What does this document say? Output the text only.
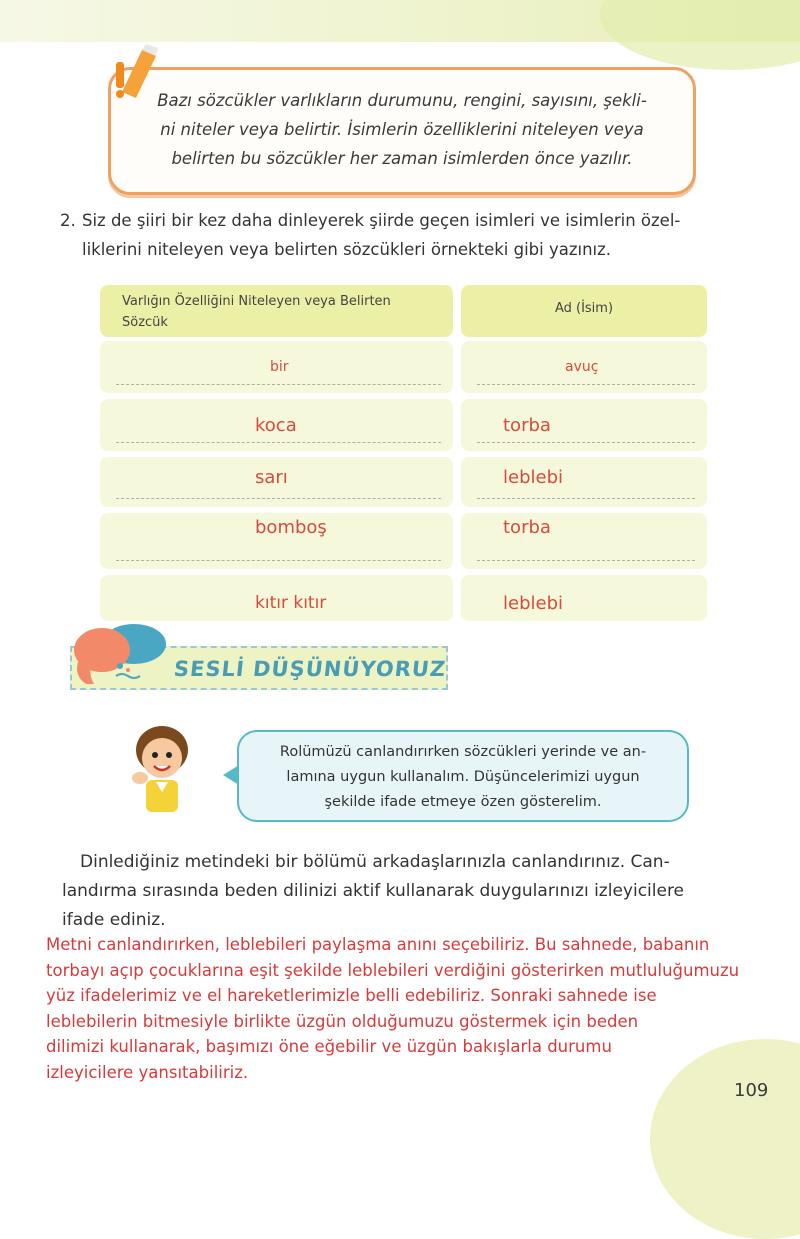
Bazı sözcükler varlıkların durumunu, rengini, sayısını, şekli-
ni niteler veya belirtir. İsimlerin özelliklerini niteleyen veya
belirten bu sözcükler her zaman isimlerden önce yazılır.
2. Siz de şiiri bir kez daha dinleyerek şiirde geçen isimleri ve isimlerin özel-
liklerini niteleyen veya belirten sözcükleri örnekteki gibi yazınız.
Varlığın Özelliğini Niteleyen veya Belirten
Sözcük
Ad (İsim)
bir	avuç
koca	torba
sarı	leblebi
bomboş	torba
kıtır kıtır	leblebi
SESLİ DÜŞÜNÜYORUZ
Rolümüzü canlandırırken sözcükleri yerinde ve an-
lamına uygun kullanalım. Düşüncelerimizi uygun
şekilde ifade etmeye özen gösterelim.
Dinlediğiniz metindeki bir bölümü arkadaşlarınızla canlandırınız. Can-
landırma sırasında beden dilinizi aktif kullanarak duygularınızı izleyicilere
ifade ediniz.
Metni canlandırırken, leblebileri paylaşma anını seçebiliriz. Bu sahnede, babanın
torbayı açıp çocuklarına eşit şekilde leblebileri verdiğini gösterirken mutluluğumuzu
yüz ifadelerimiz ve el hareketlerimizle belli edebiliriz. Sonraki sahnede ise
leblebilerin bitmesiyle birlikte üzgün olduğumuzu göstermek için beden
dilimizi kullanarak, başımızı öne eğebilir ve üzgün bakışlarla durumu
izleyicilere yansıtabiliriz.
109
